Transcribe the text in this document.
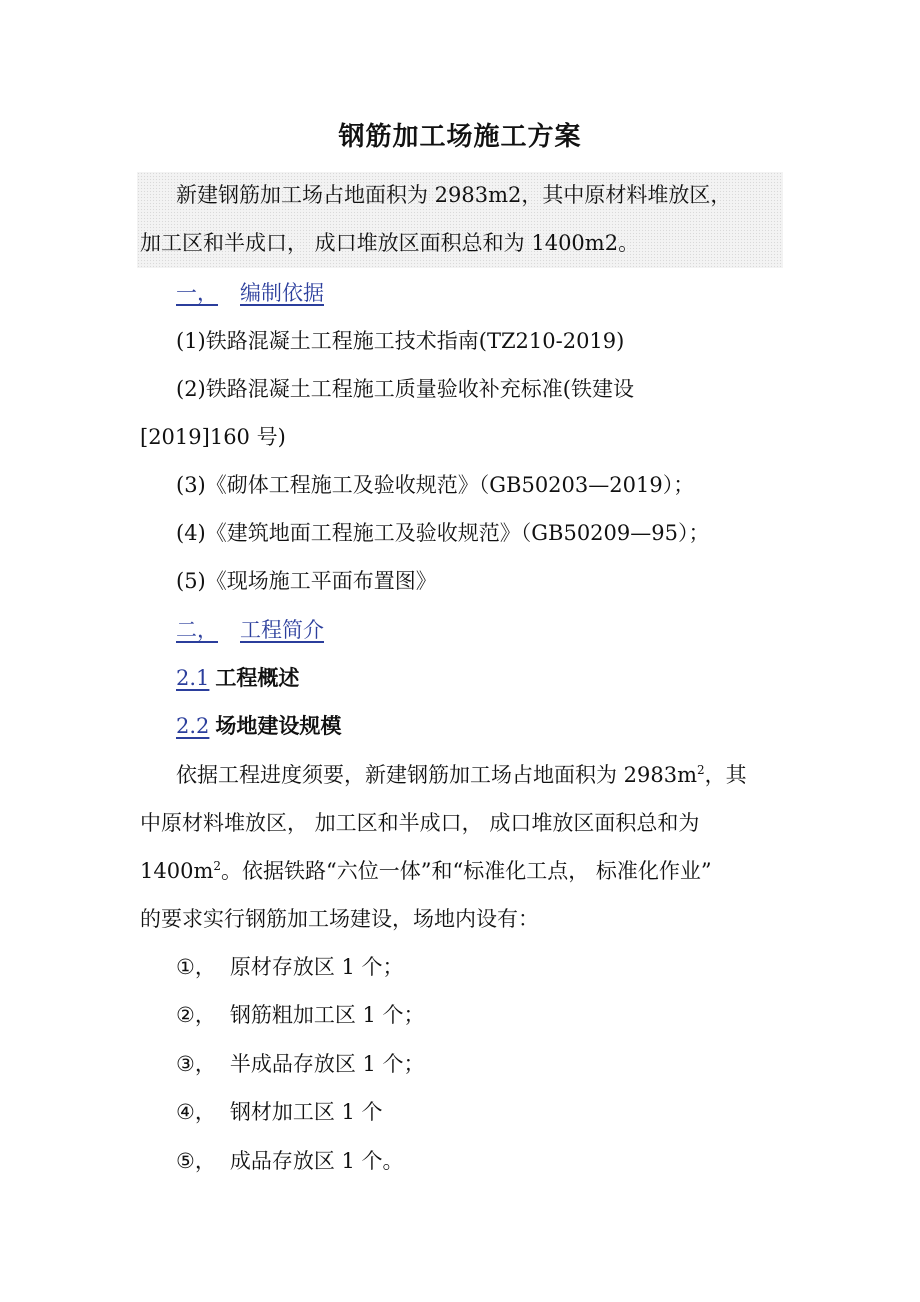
钢筋加工场施工方案
新建钢筋加工场占地面积为 2983m2，其中原材料堆放区，
加工区和半成口， 成口堆放区面积总和为 1400m2。
一， 编制依据
(1)铁路混凝土工程施工技术指南(TZ210-2019)
(2)铁路混凝土工程施工质量验收补充标准(铁建设
[2019]160 号)
(3)《砌体工程施工及验收规范》（GB50203—2019）；
(4)《建筑地面工程施工及验收规范》（GB50209—95）；
(5)《现场施工平面布置图》
二， 工程简介
2.1 工程概述
2.2 场地建设规模
依据工程进度须要，新建钢筋加工场占地面积为 $2983m^2$，其
中原材料堆放区， 加工区和半成口， 成口堆放区面积总和为
$1400m^2$。依据铁路“六位一体”和“标准化工点， 标准化作业”
的要求实行钢筋加工场建设，场地内设有：
①， 原材存放区 1 个；
②， 钢筋粗加工区 1 个；
③， 半成品存放区 1 个；
④， 钢材加工区 1 个
⑤， 成品存放区 1 个。
